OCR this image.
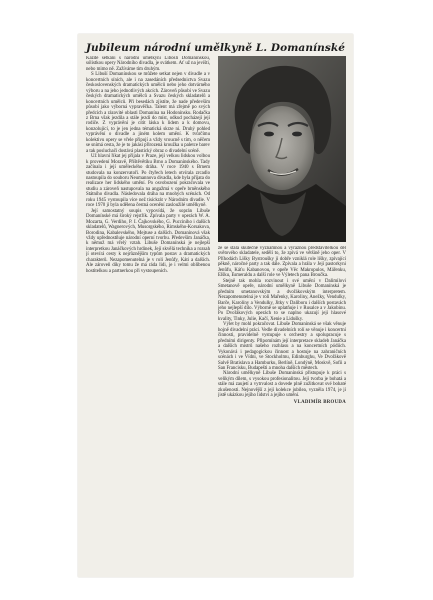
Jubileum národní umělkyně L. Domanínské

Každé setkání s národní umělkyní Liboslí Domanínskou, sólistkou opery Národního divadla, je svátkem. Ať už na jevišti, nebo mimo ně. Zažíváme tím druhým.

S Libuší Domanínskou se můžete setkat nejen v divadle a v koncertních síních, ale i na zasedáních předsednictva Svazu československých dramatických umělců nebo jeho dotvárného výboru a na jeho jednotlivých akcích. Zároveň působí ve Svazu českých dramatických umělců a Svazu českých skladatelů a koncertních umělců. Při besedách zjistíte, že nade především působí jako výborná vypravěčka. Talent má zřejmě po svých předcích a rázovité oblasti Domanína na Hodonínsku. Rodačka z Brna však jezdila a stále jezdí do míst, odkud pocházejí její rodiče. Z vyprávění je cítit láska k lidem a k domovu, konzolující, to je jen jedna tématická skrze ni. Druhý pohled vyprávění o divadle a jiném kolem umění. K tvůrčímu kolektivu opery se vřele připojí a vždy vroucně s tím, o něčem se snímá cesta, že je to jakási přirozená kroužka u paletce barev a tak posluchači dostává plastický obraz o divadelní scéně.

Už hlavní říkat jej přijala v Praze, její velkou lidskou volbou k provedení Moravě, Příštěvětíku Brno a Domanínského. Tady začínala i její uměleckého dráha. V roce 1940 s Brnem studovala na konzervatoři. Po čtyřech letech otvírala zrcadlo nastoupila do souboru Neumannova divadla, kde byla přijata do realizace her lidského umění. Po osvobození pokračovala ve studiu a zároveň nastupovala na angažmá v opeře brněnského Státního divadla. Následovala dráha na mnohých scénách. Od roku 1945 vystoupila více než tisíckrát v Národním divadle. V roce 1970 jí byla udělena čestná ocenění zasloužilé umělkyně.

Její samostatný soupis vypovídá, že soprán Libuše Domanínské má široký rejstřík. Zpívala party v operách W. A. Mozarta, G. Verdiho, P. I. Čajkovského, G. Pucciniho i dalších skladatelů, Wagnerových, Musorgského, Rimského-Korsakova, Borodina, Kabalevského, Mejtuse a dalších. Domanínová však vždy upřednostňuje národní operní tvorbu. Především Janáčka, k němuž má vřelý vztah. Libuše Domanínská je nejlepší interpretkou Janáčkových hrdinek, Její skvělá technika a rozsah jí otevírá cesty k nejrůznějším typům postav a dramatických charakterů. Nezapomenutelná je v roli Jenůfy, Káti a dalších. Ale zároveň díky tomu že má ráda lidi, je i velmi oblíbenou hostitelkou a partnerkou při vystoupeních.

že se stala skutečně významnou a výraznou představitelkou děl světového skladatele, sedělí to, že zpívá ve většině jeho oper. V Příhodách Lišky Bystroušky jí dobře vzniklá role lišky, zpívající pěkně, náročné party a tak dále. Zpívala a hrála v Její pastorkyni Jenůfu, Káťu Kabanovou, v opeře Věc Makropulos, Mářenku, Elšku, Esmeraldu a další role ve Výletech pana Broučka.

Stejně tak mohla rozvinout i své umění v Dalimilovi Smetanově opeře, národní umělkyně Libuše Domanínská je předním smetanovským a dvořákovským interpretem. Nezapomenutelná je v roli Mařenky, Karoliny, Anežky, Vendulky, Barče, Karolíny a Vendulky, Jitky v Daliboru i dalších postavách jeho nejlepší dílo. Výborně se uplatňuje i v Rusalce a v Jakobínu. Po Dvořákových operách to se naplno ukazují její hlasové kvality, Tinky, Julie, Kačí, Xenie a Lidušky.

Výlet by mohl pokračovat. Libuše Domanínská se však věnuje hojně divadelní práci. Vedle divadelních rolí se věnuje i koncertní činnosti, pravidelně vystupuje s orchestry a spolupracuje s předními dirigenty. Připomínám její interpretace skladeb Janáčka a dalších mistrů našeho rozhlasu a na koncertních pódiích. Vykonává i pedagogickou činnost a hostuje na zahraničních scénách i ve Vídni, ve Stockholmu, Edinburghu, Ve Dvořákově Salvě Bratislava a Hamburku, Berlíně, Londýně, Moskvě, Sofii a San Francisku, Budapešti a mnoha dalších městech.

Národní umělkyně Libuše Domanínská přistupuje k práci s velikým dílem, s vysokou profesionalitou. Její tvorba je bohatá a stále má zaujetí a vytrvalost a dovede plně zužitkovat své bohaté zkušenosti. Nejnovější z její kolekce jubilea, vyzněla 1974, je jí jistě ukázkou jejího lidství a jejího umění.

VLADIMÍR BROUDA
